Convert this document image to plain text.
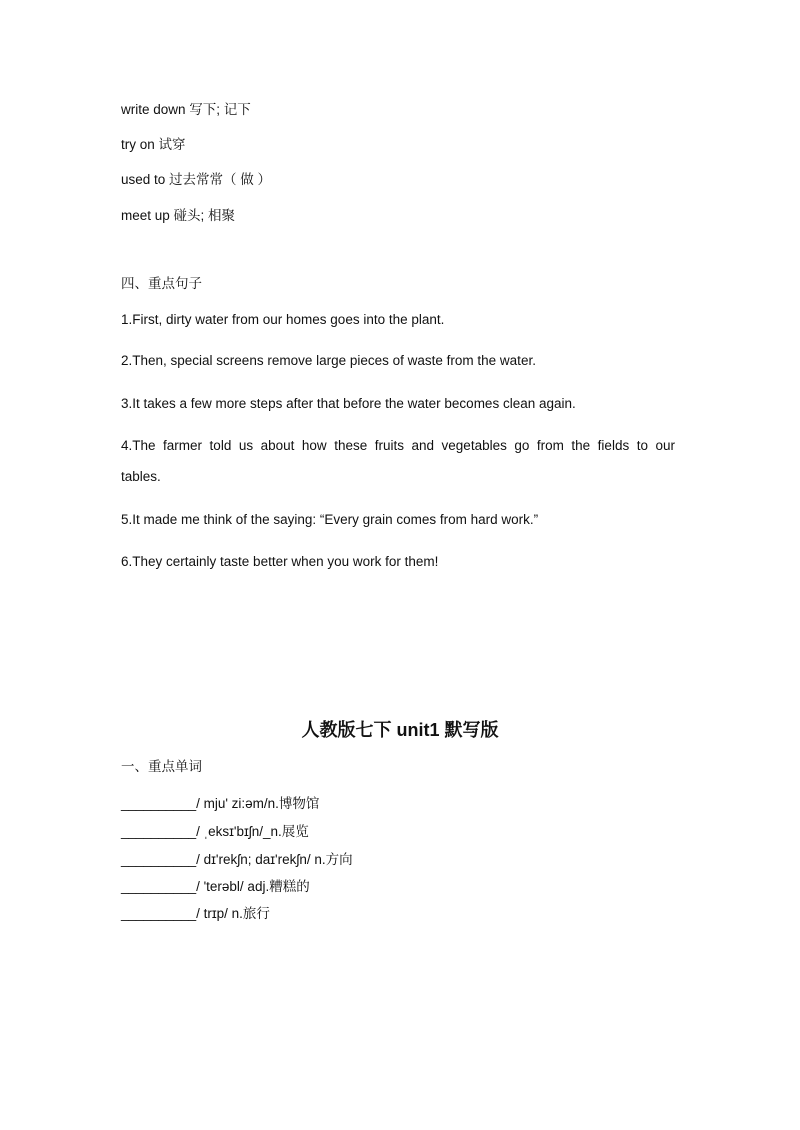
write down 写下; 记下
try on 试穿
used to 过去常常（ 做 ）
meet up 碰头; 相聚
四、重点句子
1.First, dirty water from our homes goes into the plant.
2.Then, special screens remove large pieces of waste from the water.
3.It takes a few more steps after that before the water becomes clean again.
4.The farmer told us about how these fruits and vegetables go from the fields to our
tables.
5.It made me think of the saying: “Every grain comes from hard work.”
6.They certainly taste better when you work for them!
人教版七下 unit1 默写版
一、重点单词
__________/ mju' zi:əm/n.博物馆
__________/ ˌeksɪ'bɪʃn/_n.展览
__________/ dɪ'rekʃn; daɪ'rekʃn/ n.方向
__________/ 'terəbl/ adj.糟糕的
__________/ trɪp/ n.旅行
